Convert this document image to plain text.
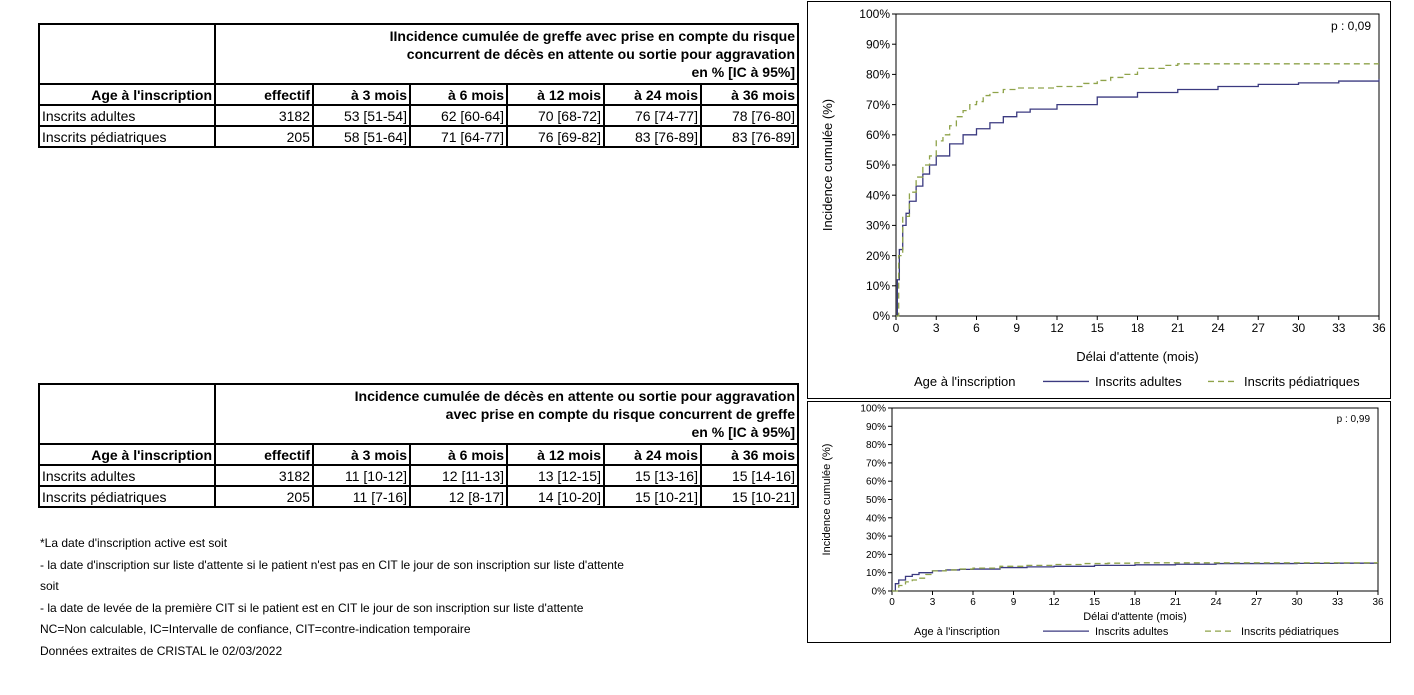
	IIncidence cumulée de greffe avec prise en compte du risque
concurrent de décès en attente ou sortie pour aggravation
en % [IC à 95%]					

Age à l'inscription	effectif	à 3 mois	à 6 mois	à 12 mois	à 24 mois	à 36 mois
Inscrits adultes	3182	53 [51-54]	62 [60-64]	70 [68-72]	76 [74-77]	78 [76-80]
Inscrits pédiatriques	205	58 [51-64]	71 [64-77]	76 [69-82]	83 [76-89]	83 [76-89]

	Incidence cumulée de décès en attente ou sortie pour aggravation
avec prise en compte du risque concurrent de greffe
en % [IC à 95%]					

Age à l'inscription	effectif	à 3 mois	à 6 mois	à 12 mois	à 24 mois	à 36 mois
Inscrits adultes	3182	11 [10-12]	12 [11-13]	13 [12-15]	15 [13-16]	15 [14-16]
Inscrits pédiatriques	205	11 [7-16]	12 [8-17]	14 [10-20]	15 [10-21]	15 [10-21]
*La date d'inscription active est soit
- la date d'inscription sur liste d'attente si le patient n'est pas en CIT le jour de son inscription sur liste d'attente
soit
- la date de levée de la première CIT si le patient est en CIT le jour de son inscription sur liste d'attente
NC=Non calculable, IC=Intervalle de confiance, CIT=contre-indication temporaire
Données extraites de CRISTAL le 02/03/2022
0%
10%
20%
30%
40%
50%
60%
70%
80%
90%
100%
0	3	6	9	12 15 18 21 24 27 30 33 36
Délai d'attente (mois)
Incidence cumulée (%)
p : 0,09
Age à l'inscription	Inscrits adultes	Inscrits pédiatriques
0%
10%
20%
30%
40%
50%
60%
70%
80%
90%
100%
0	3	6	9	12	15	18	21	24	27	30	33	36
Délai d'attente (mois)
Incidence cumulée (%)
p : 0,99
Age à l'inscription	Inscrits adultes	Inscrits pédiatriques
